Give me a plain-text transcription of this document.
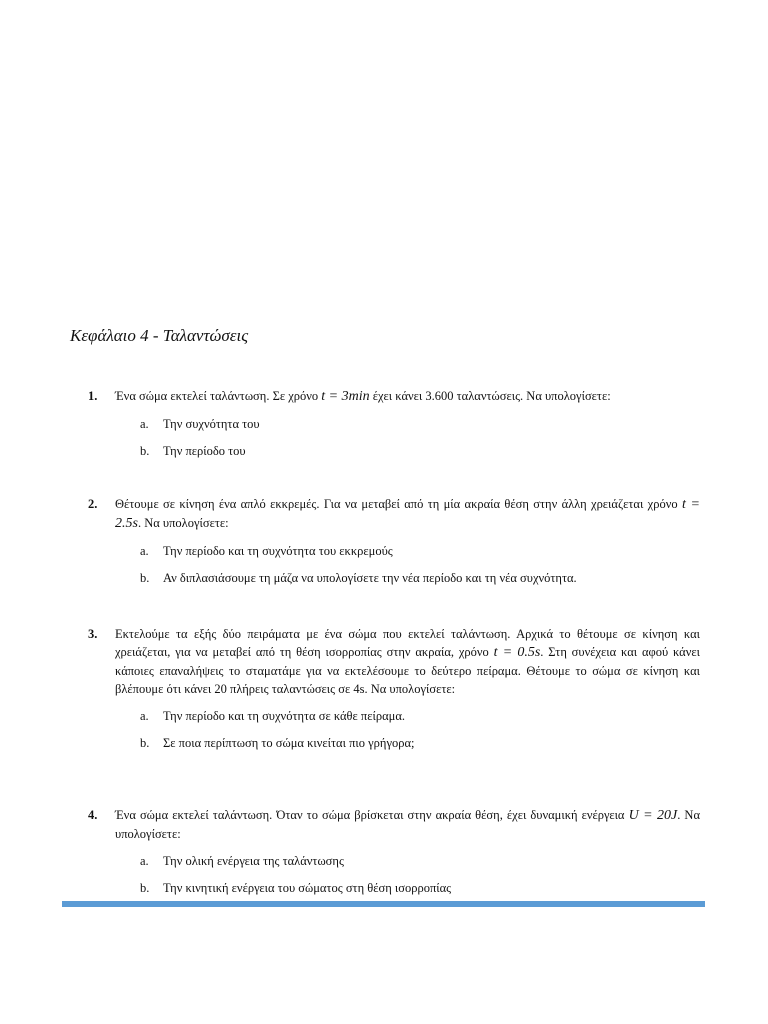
Κεφάλαιο 4 - Ταλαντώσεις
1.	Ένα σώμα εκτελεί ταλάντωση. Σε χρόνο t = 3min έχει κάνει 3.600 ταλαντώσεις. Να υπολογίσετε:
a.	Την συχνότητα του
b.	Την περίοδο του
2.	Θέτουμε σε κίνηση ένα απλό εκκρεμές. Για να μεταβεί από τη μία ακραία θέση στην άλλη χρειάζεται χρόνο t = 2.5s. Να υπολογίσετε:
a.	Την περίοδο και τη συχνότητα του εκκρεμούς
b.	Αν διπλασιάσουμε τη μάζα να υπολογίσετε την νέα περίοδο και τη νέα συχνότητα.
3.	Εκτελούμε τα εξής δύο πειράματα με ένα σώμα που εκτελεί ταλάντωση. Αρχικά το θέτουμε σε κίνηση και χρειάζεται, για να μεταβεί από τη θέση ισορροπίας στην ακραία, χρόνο t = 0.5s. Στη συνέχεια και αφού κάνει κάποιες επαναλήψεις το σταματάμε για να εκτελέσουμε το δεύτερο πείραμα. Θέτουμε το σώμα σε κίνηση και βλέπουμε ότι κάνει 20 πλήρεις ταλαντώσεις σε 4s. Να υπολογίσετε:
a.	Την περίοδο και τη συχνότητα σε κάθε πείραμα.
b.	Σε ποια περίπτωση το σώμα κινείται πιο γρήγορα;
4.	Ένα σώμα εκτελεί ταλάντωση. Όταν το σώμα βρίσκεται στην ακραία θέση, έχει δυναμική ενέργεια U = 20J. Να υπολογίσετε:
a.	Την ολική ενέργεια της ταλάντωσης
b.	Την κινητική ενέργεια του σώματος στη θέση ισορροπίας
